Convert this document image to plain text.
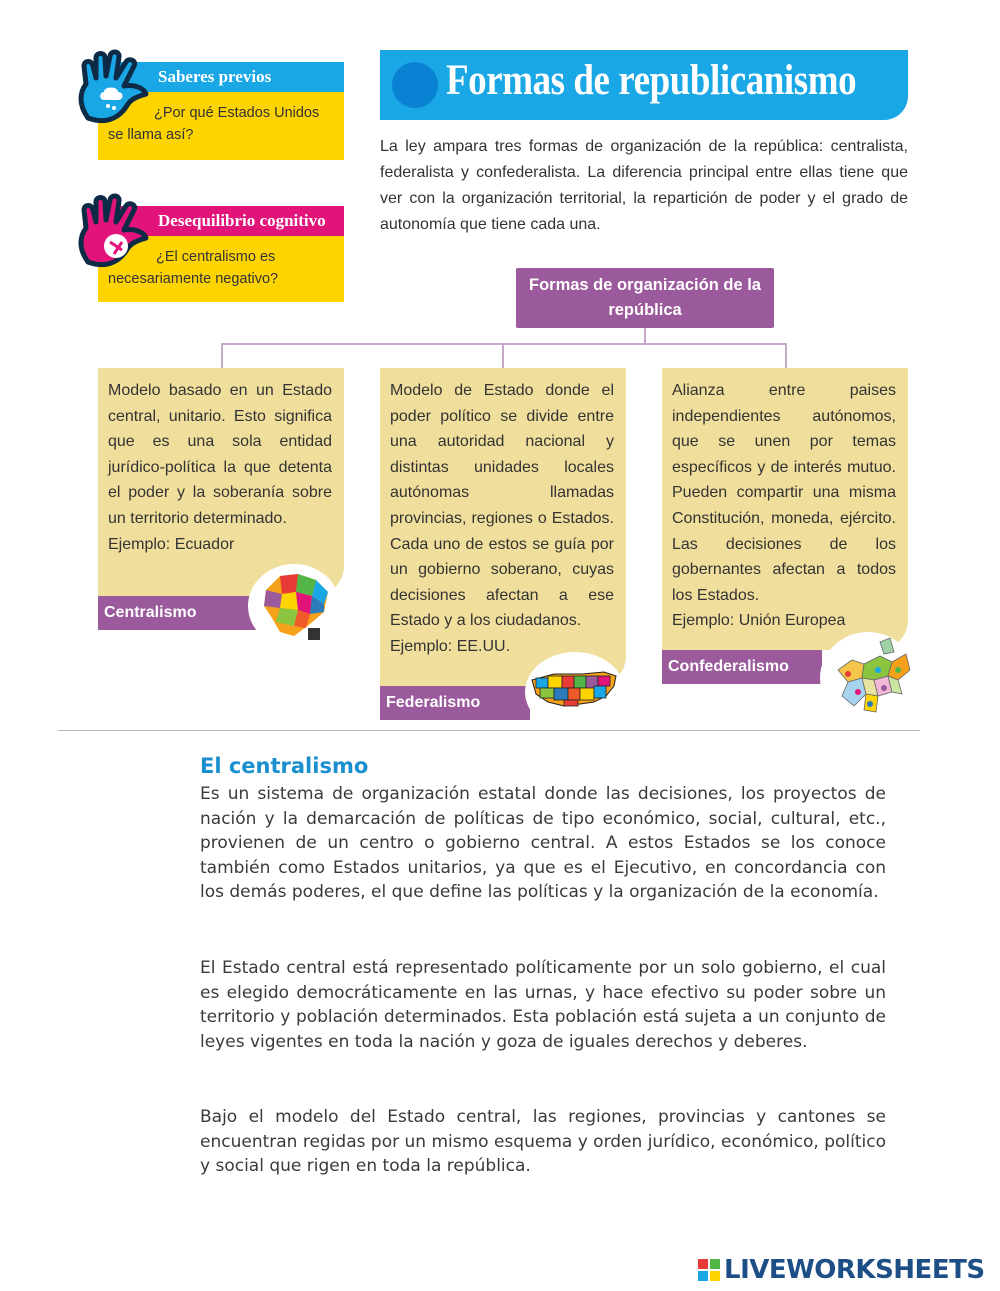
Saberes previos
¿Por qué Estados Unidos se llama así?
Desequilibrio cognitivo
¿El centralismo es necesariamente negativo?
Formas de republicanismo
La ley ampara tres formas de organización de la república: centralista, federalista y confederalista. La diferencia principal entre ellas tiene que ver con la organización territorial, la repartición de poder y el grado de autonomía que tiene cada una.
Formas de organización de la república
Modelo basado en un Estado central, unitario. Esto significa que es una sola entidad jurídico-política la que detenta el poder y la soberanía sobre un territorio determinado.
Ejemplo: Ecuador
Centralismo
Modelo de Estado donde el poder político se divide entre una autoridad nacional y distintas unidades locales autónomas llamadas provincias, regiones o Estados. Cada uno de estos se guía por un gobierno soberano, cuyas decisiones afectan a ese Estado y a los ciudadanos.
Ejemplo: EE.UU.
Federalismo
Alianza entre paises independientes autónomos, que se unen por temas específicos y de interés mutuo. Pueden compartir una misma Constitución, moneda, ejército. Las decisiones de los gobernantes afectan a todos los Estados.
Ejemplo: Unión Europea
Confederalismo
El centralismo
Es un sistema de organización estatal donde las decisiones, los proyectos de nación y la demarcación de políticas de tipo económico, social, cultural, etc., provienen de un centro o gobierno central. A estos Estados se los conoce también como Estados unitarios, ya que es el Ejecutivo, en concordancia con los demás poderes, el que define las políticas y la organización de la economía.
El Estado central está representado políticamente por un solo gobierno, el cual es elegido democráticamente en las urnas, y hace efectivo su poder sobre un territorio y población determinados. Esta población está sujeta a un conjunto de leyes vigentes en toda la nación y goza de iguales derechos y deberes.
Bajo el modelo del Estado central, las regiones, provincias y cantones se encuentran regidas por un mismo esquema y orden jurídico, económico, político y social que rigen en toda la república.
LIVEWORKSHEETS
